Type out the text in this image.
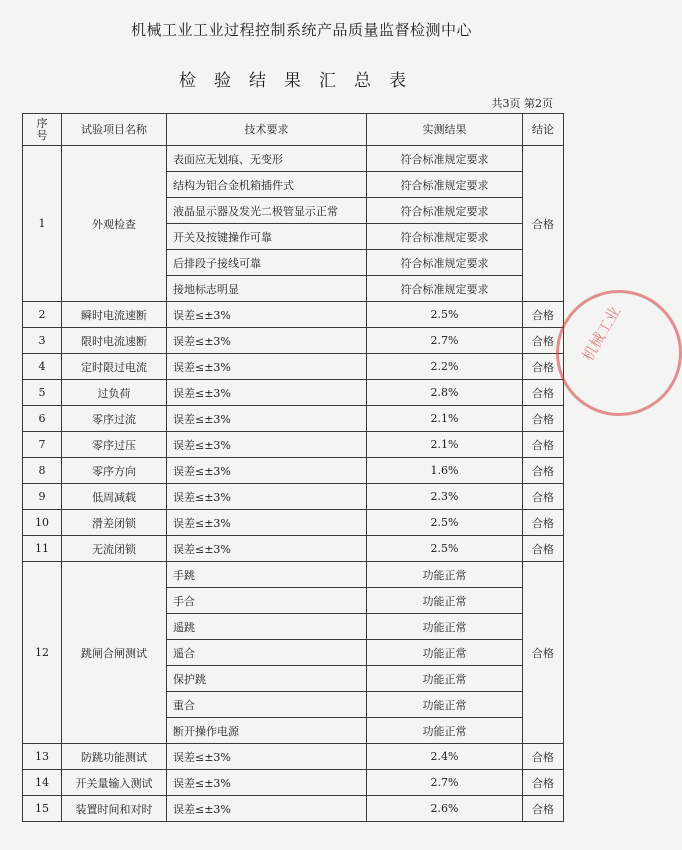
机械工业工业过程控制系统产品质量监督检测中心
检验结果汇总表
共3页 第2页
序号	试验项目名称	技术要求	实测结果	结论
1	外观检查	表面应无划痕、无变形	符合标准规定要求	合格
		结构为铝合金机箱插件式	符合标准规定要求	
		液晶显示器及发光二极管显示正常	符合标准规定要求	
		开关及按键操作可靠	符合标准规定要求	
		后排段子接线可靠	符合标准规定要求	
		接地标志明显	符合标准规定要求	
2	瞬时电流速断	误差≤±3%	2.5%	合格
3	限时电流速断	误差≤±3%	2.7%	合格
4	定时限过电流	误差≤±3%	2.2%	合格
5	过负荷	误差≤±3%	2.8%	合格
6	零序过流	误差≤±3%	2.1%	合格
7	零序过压	误差≤±3%	2.1%	合格
8	零序方向	误差≤±3%	1.6%	合格
9	低周减载	误差≤±3%	2.3%	合格
10	滑差闭锁	误差≤±3%	2.5%	合格
11	无流闭锁	误差≤±3%	2.5%	合格
12	跳闸合闸测试	手跳	功能正常	合格
		手合	功能正常	
		遥跳	功能正常	
		遥合	功能正常	
		保护跳	功能正常	
		重合	功能正常	
		断开操作电源	功能正常	
13	防跳功能测试	误差≤±3%	2.4%	合格
14	开关量输入测试	误差≤±3%	2.7%	合格
15	装置时间和对时	误差≤±3%	2.6%	合格
机械工业
